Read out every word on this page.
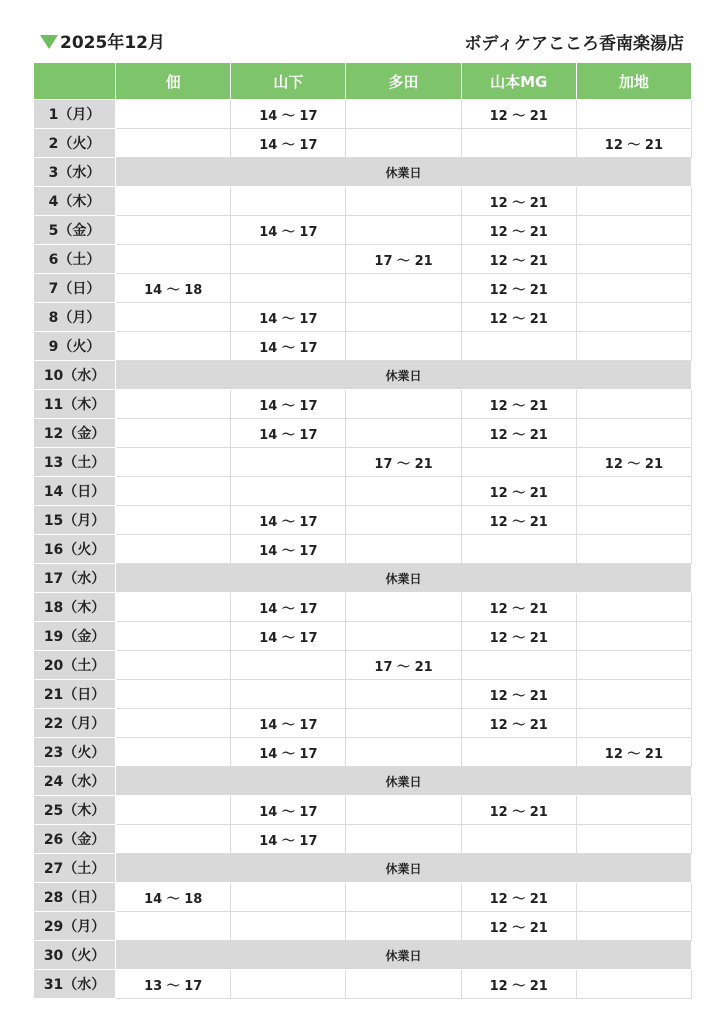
2025年12月	ボディケアこころ香南楽湯店
	佃	山下	多田	山本MG	加地
1（月）		14 〜 17		12 〜 21	
2（火）		14 〜 17			12 〜 21
3（水）	休業日				
4（木）				12 〜 21	
5（金）		14 〜 17		12 〜 21	
6（土）			17 〜 21	12 〜 21	
7（日）	14 〜 18			12 〜 21	
8（月）		14 〜 17		12 〜 21	
9（火）		14 〜 17			
10（水）	休業日				
11（木）		14 〜 17		12 〜 21	
12（金）		14 〜 17		12 〜 21	
13（土）			17 〜 21		12 〜 21
14（日）				12 〜 21	
15（月）		14 〜 17		12 〜 21	
16（火）		14 〜 17			
17（水）	休業日				
18（木）		14 〜 17		12 〜 21	
19（金）		14 〜 17		12 〜 21	
20（土）			17 〜 21		
21（日）				12 〜 21	
22（月）		14 〜 17		12 〜 21	
23（火）		14 〜 17			12 〜 21
24（水）	休業日				
25（木）		14 〜 17		12 〜 21	
26（金）		14 〜 17			
27（土）	休業日				
28（日）	14 〜 18			12 〜 21	
29（月）				12 〜 21	
30（火）	休業日				
31（水）	13 〜 17			12 〜 21	
